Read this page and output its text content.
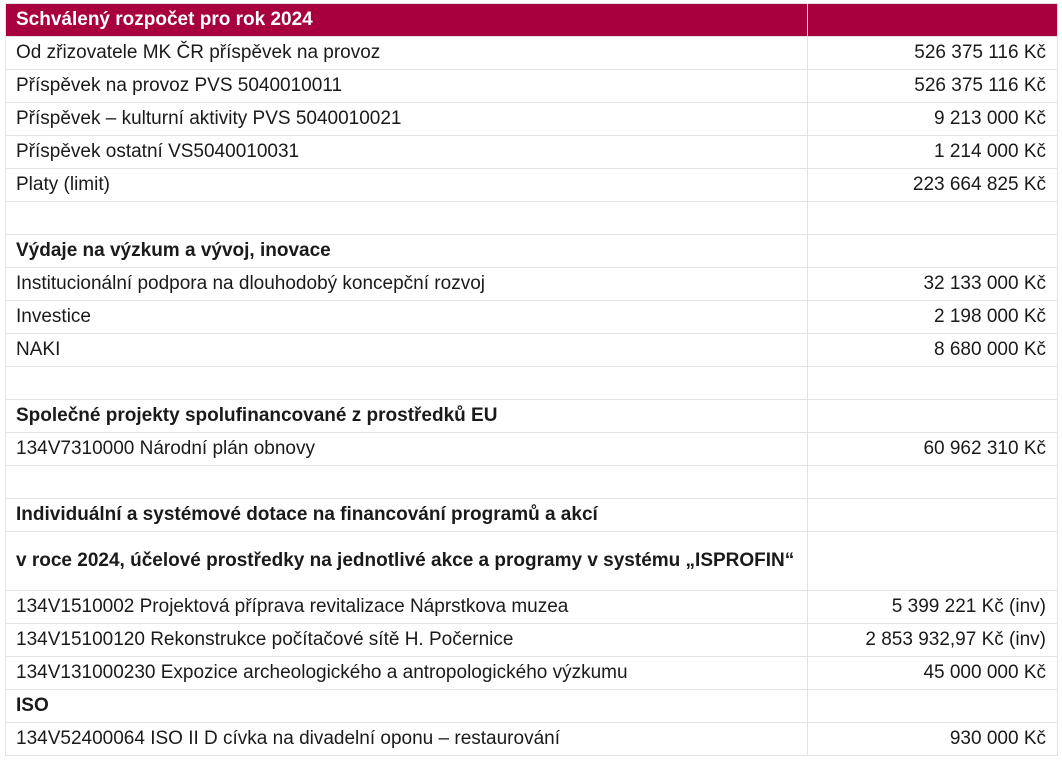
Schválený rozpočet pro rok 2024	
Od zřizovatele MK ČR příspěvek na provoz	526 375 116 Kč
Příspěvek na provoz PVS 5040010011	526 375 116 Kč
Příspěvek – kulturní aktivity PVS 5040010021	9 213 000 Kč
Příspěvek ostatní VS5040010031	1 214 000 Kč
Platy (limit)	223 664 825 Kč

Výdaje na výzkum a vývoj, inovace	
Institucionální podpora na dlouhodobý koncepční rozvoj	32 133 000 Kč
Investice	2 198 000 Kč
NAKI	8 680 000 Kč

Společné projekty spolufinancované z prostředků EU	
134V7310000 Národní plán obnovy	60 962 310 Kč

Individuální a systémové dotace na financování programů a akcí	
v roce 2024, účelové prostředky na jednotlivé akce a programy v systému „ISPROFIN“	
134V1510002 Projektová příprava revitalizace Náprstkova muzea	5 399 221 Kč (inv)
134V15100120 Rekonstrukce počítačové sítě H. Počernice	2 853 932,97 Kč (inv)
134V131000230 Expozice archeologického a antropologického výzkumu	45 000 000 Kč
ISO	
134V52400064 ISO II D cívka na divadelní oponu – restaurování	930 000 Kč
